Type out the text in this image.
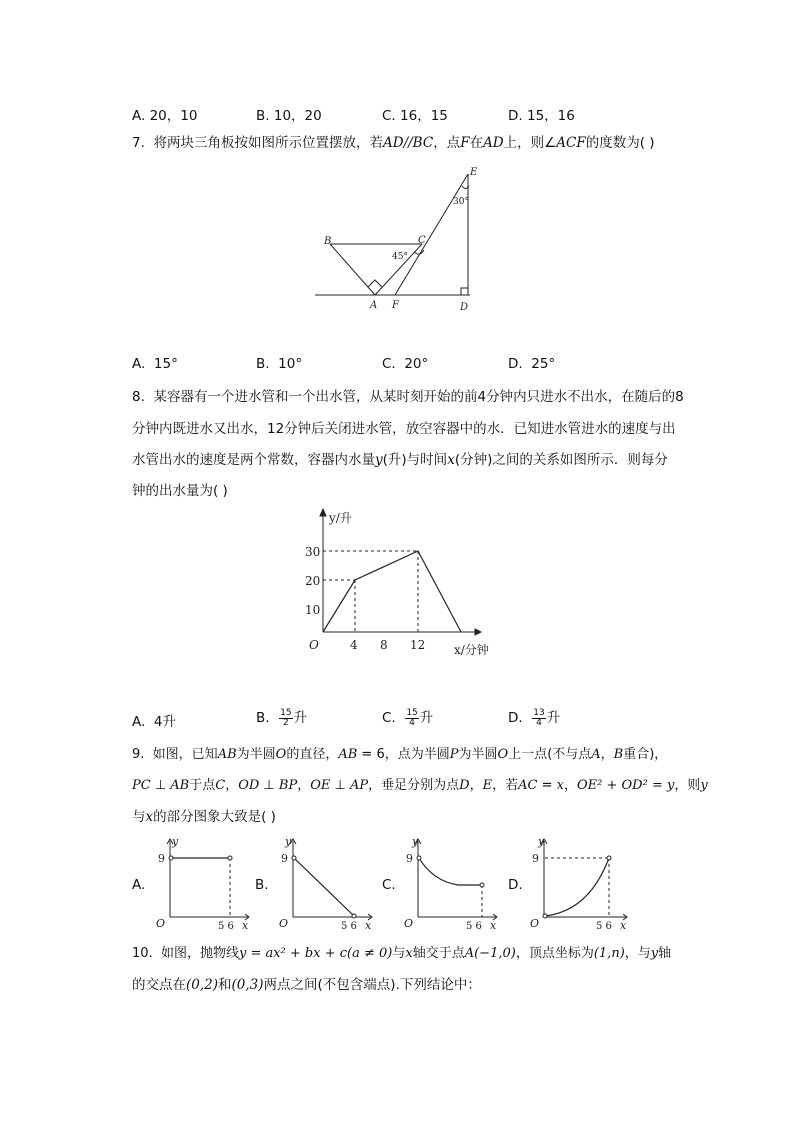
A. 20，10	B. 10，20	C. 16，15	D. 15，16
7. 将两块三角板按如图所示位置摆放，若AD//BC，点F在AD上，则∠ACF的度数为( )
E
B	C
A F	D
30°
45°
A. 15°	B. 10°	C. 20°	D. 25°
8. 某容器有一个进水管和一个出水管，从某时刻开始的前4分钟内只进水不出水，在随后的8
分钟内既进水又出水，12分钟后关闭进水管，放空容器中的水．已知进水管进水的速度与出
水管出水的速度是两个常数，容器内水量y(升)与时间x(分钟)之间的关系如图所示．则每分
钟的出水量为( )
y/升
x/分钟
O	4 8 12
30
20
10
A. 4升	B. $\frac{15}{2}$ 升	C. $\frac{15}{4}$ 升	D. $\frac{13}{4}$ 升
9. 如图，已知AB为半圆O的直径，AB = 6，点为半圆P为半圆O上一点(不与点A，B重合)，
PC ⊥ AB于点C，OD ⊥ BP，OE ⊥ AP，垂足分别为点D，E，若AC = x，OE² + OD² = y，则y
与x的部分图象大致是( )
A.
y
9
O	5 6 x
B.
y
9
O	5 6 x
C.
y
9
O	5 6 x
D.
y
9
O	5 6 x
10. 如图，抛物线y = ax² + bx + c(a ≠ 0)与x轴交于点A(−1,0)，顶点坐标为(1,n)，与y轴
的交点在(0,2)和(0,3)两点之间(不包含端点).下列结论中：
